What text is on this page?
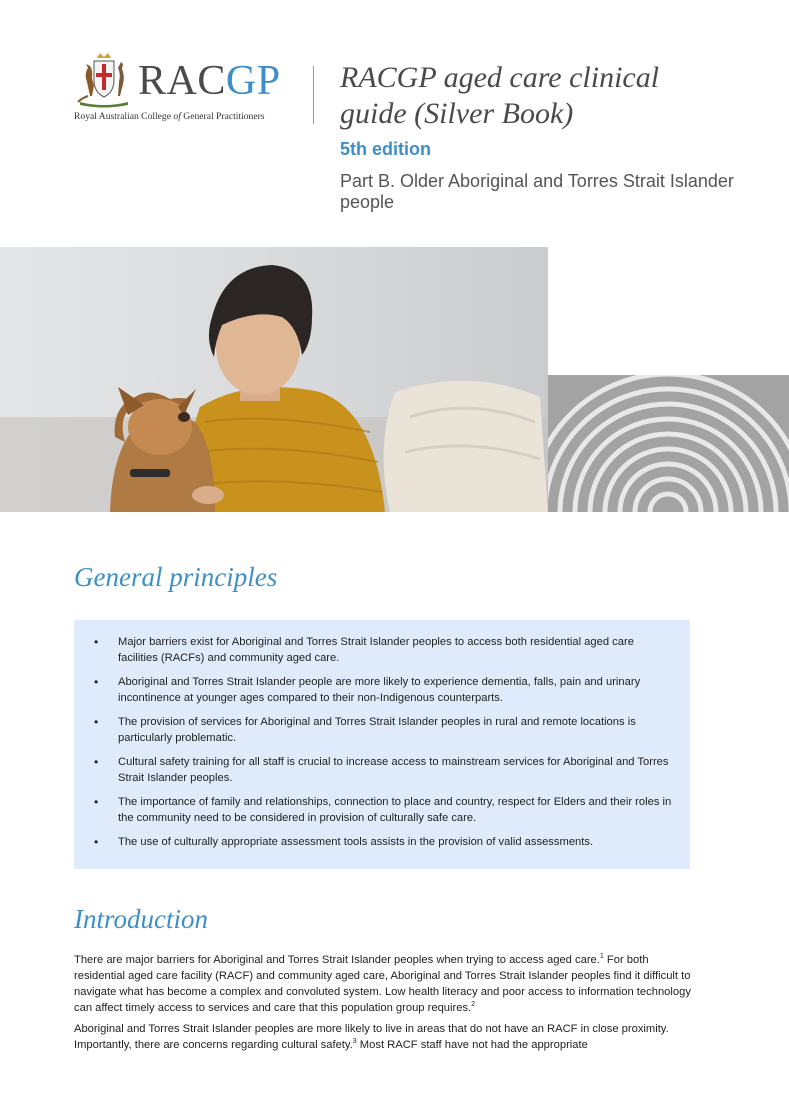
RACGP
Royal Australian College of General Practitioners
RACGP aged care clinical
guide (Silver Book)
5th edition
Part B. Older Aboriginal and Torres Strait Islander people
General principles
• Major barriers exist for Aboriginal and Torres Strait Islander peoples to access both residential aged care facilities (RACFs) and community aged care.
• Aboriginal and Torres Strait Islander people are more likely to experience dementia, falls, pain and urinary incontinence at younger ages compared to their non-Indigenous counterparts.
• The provision of services for Aboriginal and Torres Strait Islander peoples in rural and remote locations is particularly problematic.
• Cultural safety training for all staff is crucial to increase access to mainstream services for Aboriginal and Torres Strait Islander peoples.
• The importance of family and relationships, connection to place and country, respect for Elders and their roles in the community need to be considered in provision of culturally safe care.
• The use of culturally appropriate assessment tools assists in the provision of valid assessments.
Introduction

There are major barriers for Aboriginal and Torres Strait Islander peoples when trying to access aged care.$^1$ For both residential aged care facility (RACF) and community aged care, Aboriginal and Torres Strait Islander peoples find it difficult to navigate what has become a complex and convoluted system. Low health literacy and poor access to information technology can affect timely access to services and care that this population group requires.$^2$

Aboriginal and Torres Strait Islander peoples are more likely to live in areas that do not have an RACF in close proximity. Importantly, there are concerns regarding cultural safety.$^3$ Most RACF staff have not had the appropriate
